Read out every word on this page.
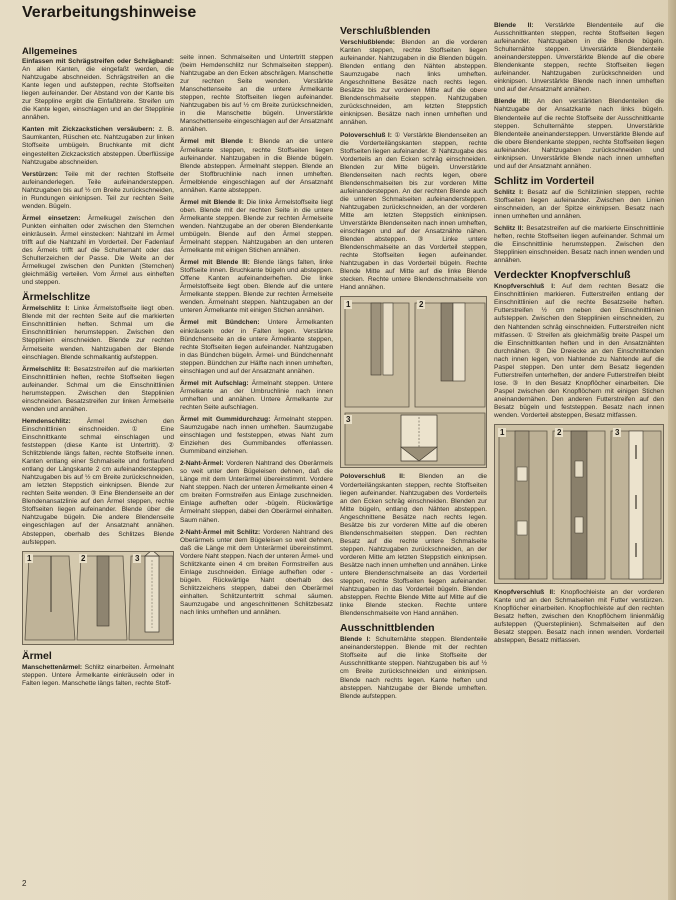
Verarbeitungshinweise
Allgemeines

Einfassen mit Schrägstreifen oder Schrägband: An allen Kanten, die eingefaßt werden, die Nahtzugabe abschneiden. Schrägstreifen an die Kante legen und aufsteppen, rechte Stoffseiten liegen aufeinander. Der Abstand von der Kante bis zur Steppline ergibt die Einfaßbreite. Streifen um die Kante legen, einschlagen und an der Stepplinie annähen.

Kanten mit Zickzackstichen versäubern: z. B. Saumkanten, Rüschen etc. Nahtzugaben zur linken Stoffseite umbügeln. Bruchkante mit dicht eingestellten Zickzackstich absteppen. Überflüssige Nahtzugabe abschneiden.

Verstürzen: Teile mit der rechten Stoffseite aufeinanderlegen. Teile aufeinandersteppen. Nahtzugaben bis auf ½ cm Breite zurückschneiden, in Rundungen einknipsen. Teil zur rechten Seite wenden. Bügeln.

Ärmel einsetzen: Ärmelkugel zwischen den Punkten einhalten oder zwischen den Sternchen einkräuseln. Ärmel einstecken: Nahtzahl im Ärmel trifft auf die Nahtzahl im Vorderteil. Der Fadenlauf des Ärmels trifft auf die Schulternaht oder das Schulterzeichen der Passe. Die Weite an der Ärmelkugel zwischen den Punkten (Sternchen) gleichmäßig verteilen. Vom Ärmel aus einheften und steppen.

Ärmelschlitze

Ärmelschlitz I: Linke Ärmelstoffseite liegt oben. Blende mit der rechten Seite auf die markierten Einschnittlinien heften. Schmal um die Einschnittlinien herumsteppen. Zwischen den Stepplinien einschneiden. Blende zur rechten Ärmelseite wenden. Nahtzugaben der Blende einschlagen. Blende schmalkantig aufsteppen.

Ärmelschlitz II: Besatzstreifen auf die markierten Einschnittlinien heften, rechte Stoffseiten liegen aufeinander. Schmal um die Einschnittlinien herumsteppen. Zwischen den Stepplinien einschneiden. Besatzstreifen zur linken Ärmelseite wenden und annähen.

Hemdenschlitz: Ärmel zwischen den Einschnittlinien einschneiden. ① Eine Einschnittkante schmal einschlagen und feststeppen (diese Kante ist Untertritt). ② Schlitzblende längs falten, rechte Stoffseite innen. Kanten entlang einer Schmalseite und fortlaufend entlang der Längskante 2 cm aufeinandersteppen. Nahtzugaben bis auf ½ cm Breite zurückschneiden, am letzten Steppstich einknipsen. Blende zur rechten Seite wenden. ③ Eine Blendenseite an der Blendenansatzlinie auf den Ärmel steppen, rechte Stoffseiten liegen aufeinander. Blende über die Nahtzugabe bügeln. Die andere Blendenseite eingeschlagen auf der Ansatznaht annähen. Absteppen, oberhalb des Schlitzes Blende aufsteppen.

1	2	3
Ärmel

Manschettenärmel: Schlitz einarbeiten. Ärmelnaht steppen. Untere Ärmelkante einkräuseln oder in Falten legen. Manschette längs falten, rechte Stoff-

seite innen. Schmalseiten und Untertritt steppen (beim Hemdenschlitz nur Schmalseiten steppen). Nahtzugabe an den Ecken abschrägen. Manschette zur rechten Seite wenden. Verstärkte Manschettenseite an die untere Ärmelkante steppen, rechte Stoffseiten liegen aufeinander. Nahtzugaben bis auf ½ cm Breite zurückschneiden, in die Manschette bügeln. Unverstärkte Manschettenseite eingeschlagen auf der Ansatznaht annähen.

Ärmel mit Blende I: Blende an die untere Ärmelkante steppen, rechte Stoffseiten liegen aufeinander. Nahtzugaben in die Blende bügeln. Blende absteppen. Ärmelnaht steppen. Blende an der Stoffbruchlinie nach innen umheften. Ärmelblende eingeschlagen auf der Ansatznaht annähen. Kante absteppen.

Ärmel mit Blende II: Die linke Ärmelstoffseite liegt oben. Blende mit der rechten Seite in die untere Ärmelkante steppen. Blende zur rechten Ärmelseite wenden. Nahtzugabe an der oberen Blendenkante umbügeln. Blende auf den Ärmel steppen. Ärmelnaht steppen. Nahtzugaben an den unteren Ärmelkante mit einigen Stichen annähen.

Ärmel mit Blende III: Blende längs falten, linke Stoffseite innen. Bruchkante bügeln und absteppen. Offene Kanten aufeinanderheften. Die linke Ärmelstoffseite liegt oben. Blende auf die untere Ärmelkante steppen. Blende zur rechten Ärmelseite wenden. Ärmelnaht steppen. Nahtzugaben an der unteren Ärmelkante mit einigen Stichen annähen.

Ärmel mit Bündchen: Untere Ärmelkanten einkräuseln oder in Falten legen. Verstärkte Bündchenseite an die untere Ärmelkante steppen, rechte Stoffseiten liegen aufeinander. Nahtzugaben in das Bündchen bügeln. Ärmel- und Bündchennaht steppen. Bündchen zur Hälfte nach innen umheften, einschlagen und auf der Ansatznaht annähen.

Ärmel mit Aufschlag: Ärmelnaht steppen. Untere Ärmelkante an der Umbruchlinie nach innen umheften und annähen. Untere Ärmelkante zur rechten Seite aufschlagen.

Ärmel mit Gummidurchzug: Ärmelnaht steppen. Saumzugabe nach innen umheften. Saumzugabe einschlagen und feststeppen, etwas Naht zum Einziehen des Gummibandes offenlassen. Gummiband einziehen.

2-Naht-Ärmel: Vorderen Nahtrand des Oberärmels so weit unter dem Bügeleisen dehnen, daß die Länge mit dem Unterärmel übereinstimmt. Vordere Naht steppen. Nach der unteren Ärmelkante einen 4 cm breiten Formstreifen aus Einlage zuschneiden. Einlage aufheften oder -bügeln. Rückwärtige Ärmelnaht steppen, dabei den Oberärmel einhalten. Saum nähen.

2-Naht-Ärmel mit Schlitz: Vorderen Nahtrand des Oberärmels unter dem Bügeleisen so weit dehnen, daß die Länge mit dem Unterärmel übereinstimmt. Vordere Naht steppen. Nach der unteren Ärmel- und Schlitzkante einen 4 cm breiten Formstreifen aus Einlage zuschneiden. Einlage aufheften oder -bügeln. Rückwärtige Naht oberhalb des Schlitzzeichens steppen, dabei den Oberärmel einhalten. Schlitzuntertritt schmal säumen. Saumzugabe und angeschnittenen Schlitzbesatz nach links umheften und annähen.

Verschlußblenden

Verschlußblende: Blenden an die vorderen Kanten steppen, rechte Stoffseiten liegen aufeinander. Nahtzugaben in die Blenden bügeln. Blenden entlang den Nähten absteppen. Saumzugabe nach links umheften. Angeschnittene Besätze nach rechts legen. Besätze bis zur vorderen Mitte auf die obere Blendenschmalseite steppen. Nahtzugaben zurückschneiden, am letzten Steppstich einknipsen. Besätze nach innen umheften und annähen.

Poloverschluß I: ① Verstärkte Blendenseiten an die Vorderteilängskanten steppen, rechte Stoffseiten liegen aufeinander. ② Nahtzugabe des Vorderteils an den Ecken schräg einschneiden. Blenden zur Mitte bügeln. Unverstärkte Blendenseiten nach rechts legen, obere Blendenschmalseiten bis zur vorderen Mitte aufeinandersteppen. An der rechten Blende auch die unteren Schmalseiten aufeinandersteppen. Nahtzugaben zurückschneiden, an der vorderen Mitte am letzten Steppstich einknipsen. Unverstärkte Blendenseiten nach innen umheften, einschlagen und auf der Ansatznähte nähen. Blenden absteppen. ③ Linke untere Blendenschmalseite an das Vorderteil steppen, rechte Stoffseiten liegen aufeinander. Nahtzugaben in das Vorderteil bügeln. Rechte Blende Mitte auf Mitte auf die linke Blende stecken. Rechte untere Blendenschmalseite von Hand annähen.

1	2
3

Poloverschluß II: Blenden an die Vorderteilängskanten steppen, rechte Stoffseiten liegen aufeinander. Nahtzugaben des Vorderteils an den Ecken schräg einschneiden. Blenden zur Mitte bügeln, entlang den Nähten absteppen. Angeschnittene Besätze nach rechts legen. Besätze bis zur vorderen Mitte auf die oberen Blendenschmalseiten steppen. Den rechten Besatz auf die rechte untere Schmalseite steppen. Nahtzugaben zurückschneiden, an der vorderen Mitte am letzten Steppstich einknipsen. Besätze nach innen umheften und annähen. Linke untere Blendenschmalseite an das Vorderteil steppen, rechte Stoffseiten liegen aufeinander. Nahtzugaben in das Vorderteil bügeln. Blenden absteppen. Rechte Blende Mitte auf Mitte auf die linke Blende stecken. Rechte untere Blendenschmalseite von Hand annähen.

Ausschnittblenden

Blende I: Schulternähte steppen. Blendenteile aneinandersteppen. Blende mit der rechten Stoffseite auf die linke Stoffseite der Ausschnittkante steppen. Nahtzugaben bis auf ½ cm Breite zurückschneiden und einknipsen. Blende nach rechts legen. Kante heften und absteppen. Nahtzugabe der Blende umheften. Blende aufsteppen.

Blende II: Verstärkte Blendenteile auf die Ausschnittkanten steppen, rechte Stoffseiten liegen aufeinander. Nahtzugaben in die Blende bügeln. Schulternähte steppen. Unverstärkte Blendenteile aneinandersteppen. Unverstärkte Blende auf die obere Blendenkante steppen, rechte Stoffseiten liegen aufeinander. Nahtzugaben zurückschneiden und einknipsen. Unverstärkte Blende nach innen umheften und auf der Ansatznaht annähen.

Blende III: An den verstärkten Blendenteilen die Nahtzugabe der Ansatzkante nach links bügeln. Blendenteile auf die rechte Stoffseite der Ausschnittkante steppen. Schulternähte steppen. Unverstärkte Blendenteile aneinandersteppen. Unverstärkte Blende auf die obere Blendenkante steppen, rechte Stoffseiten liegen aufeinander. Nahtzugaben zurückschneiden und einknipsen. Unverstärkte Blende nach innen umheften und auf der Ansatznaht annähen.

Schlitz im Vorderteil

Schlitz I: Besatz auf die Schlitzlinien steppen, rechte Stoffseiten liegen aufeinander. Zwischen den Linien einschneiden, an der Spitze einknipsen. Besatz nach innen umheften und annähen.

Schlitz II: Besatzstreifen auf die markierte Einschnittlinie heften, rechte Stoffseiten liegen aufeinander. Schmal um die Einschnittlinie herumsteppen. Zwischen den Stepplinien einschneiden. Besatz nach innen wenden und annähen.

Verdeckter Knopfverschluß

Knopfverschluß I: Auf dem rechten Besatz die Einschnittlinien markieren. Futterstreifen entlang der Einschnittlinien auf die rechte Besatzseite heften. Futterstreifen ½ cm neben den Einschnittlinien aufsteppen. Zwischen den Stepplinien einschneiden, zu den Nahtenden schräg einschneiden. Futterstreifen nicht mitfassen. ① Streifen als gleichmäßig breite Paspel um die Einschnittkanten heften und in den Ansatznähten durchnähen. ② Die Dreiecke an den Einschnittenden nach innen legen, von Nahtende zu Nahtende auf die Paspel steppen. Den unter dem Besatz liegenden Futterstreifen unterheften, der andere Futterstreifen bleibt lose. ③ In den Besatz Knopflöcher einarbeiten. Die Paspel zwischen den Knopflöchern mit einigen Stichen aneinandernähen. Den anderen Futterstreifen auf den Besatz bügeln und feststeppen. Besatz nach innen wenden. Vorderteil absteppen, Besatz mitfassen.

1	2	3

Knopfverschluß II: Knopflochleiste an der vorderen Kante und an den Schmalseiten mit Futter verstürzen. Knopflöcher einarbeiten. Knopflochleiste auf den rechten Besatz heften, zwischen den Knopflöchern linienmäßig aufsteppen (Quersteplinien). Schmalseiten auf den Besatz steppen. Besatz nach innen wenden. Vorderteil absteppen, Besatz mitfassen.

2
